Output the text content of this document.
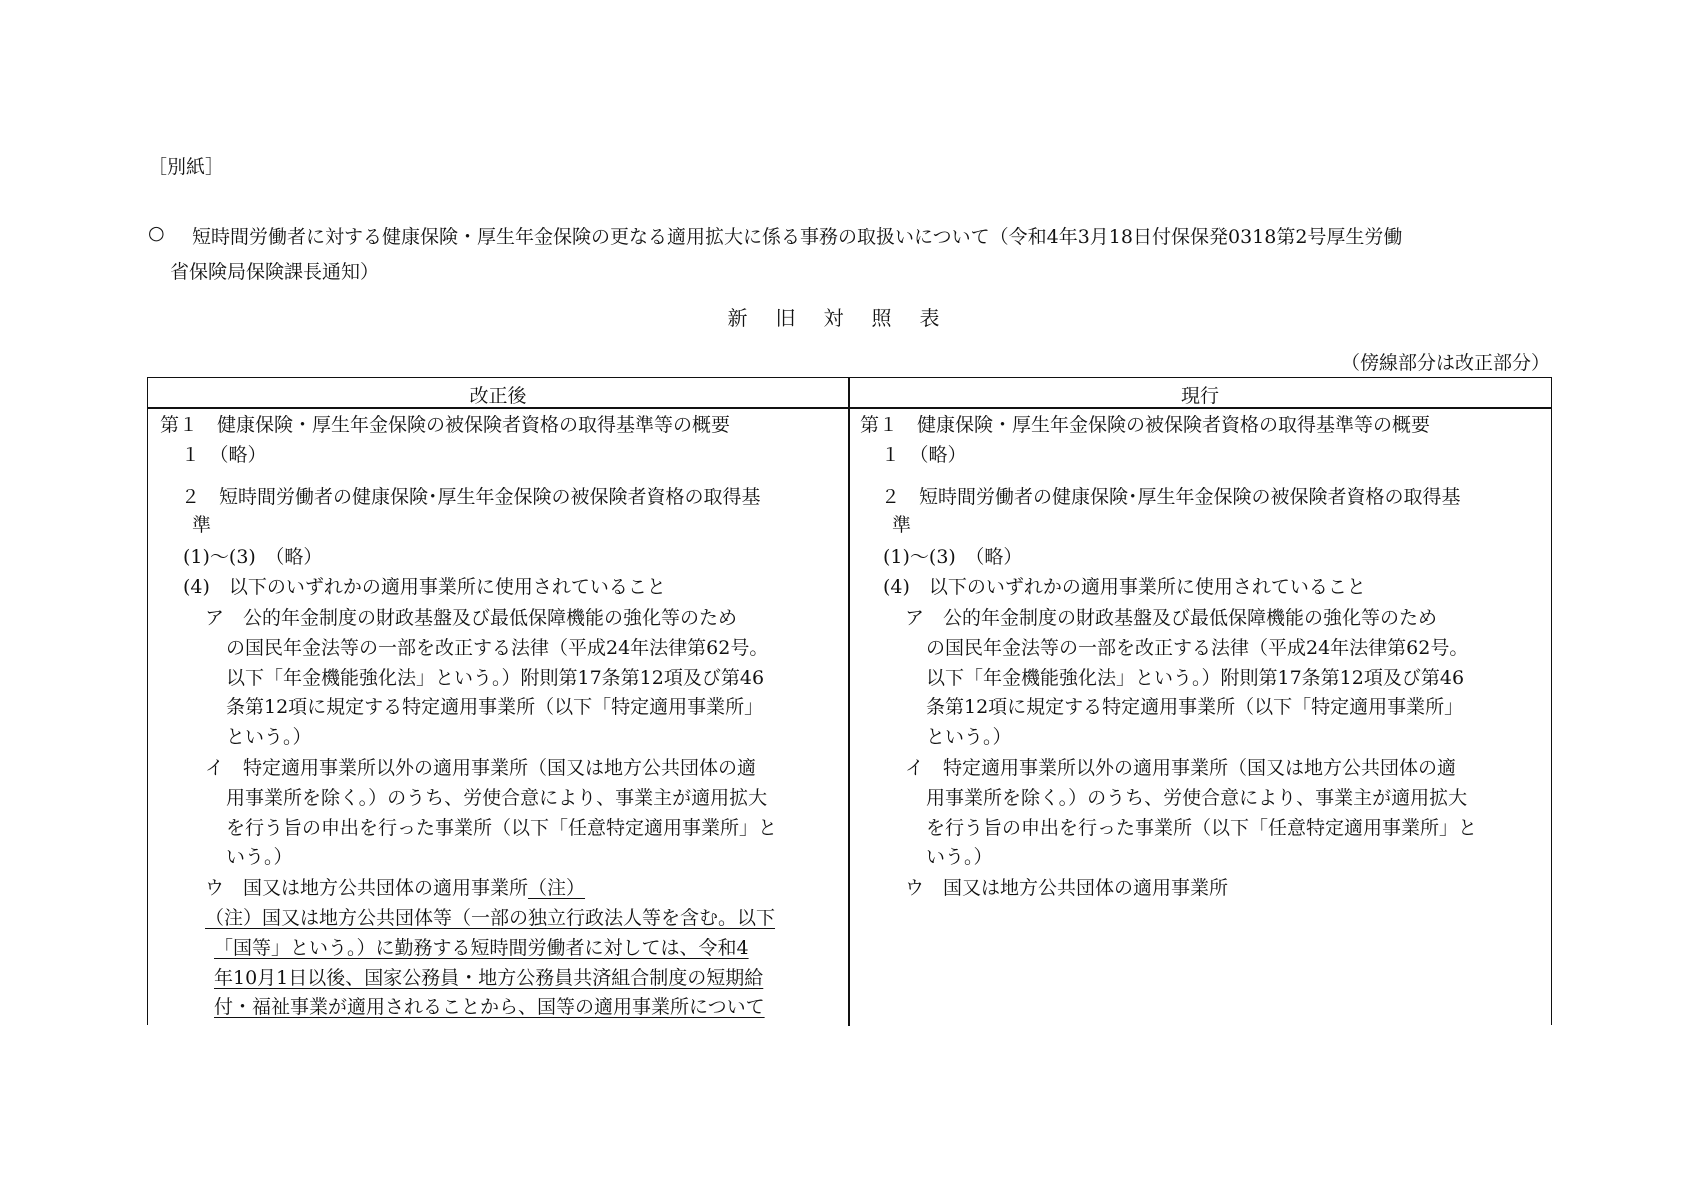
［別紙］
○ 短時間労働者に対する健康保険・厚生年金保険の更なる適用拡大に係る事務の取扱いについて（令和4年3月18日付保保発0318第2号厚生労働
省保険局保険課長通知）
新旧対照表
（傍線部分は改正部分）
改正後	現行
第１　健康保険・厚生年金保険の被保険者資格の取得基準等の概要
１　（略）
２　短時間労働者の健康保険･厚生年金保険の被保険者資格の取得基
準
(1)～(3)　（略）
(4)　以下のいずれかの適用事業所に使用されていること
ア　公的年金制度の財政基盤及び最低保障機能の強化等のため
の国民年金法等の一部を改正する法律（平成24年法律第62号。
以下「年金機能強化法」という。）附則第17条第12項及び第46
条第12項に規定する特定適用事業所（以下「特定適用事業所」
という。）
イ　特定適用事業所以外の適用事業所（国又は地方公共団体の適
用事業所を除く。）のうち、労使合意により、事業主が適用拡大
を行う旨の申出を行った事業所（以下「任意特定適用事業所」と
いう。）
ウ　国又は地方公共団体の適用事業所（注）
（注）国又は地方公共団体等（一部の独立行政法人等を含む。以下
「国等」という。）に勤務する短時間労働者に対しては、令和4
年10月1日以後、国家公務員・地方公務員共済組合制度の短期給
付・福祉事業が適用されることから、国等の適用事業所について
第１　健康保険・厚生年金保険の被保険者資格の取得基準等の概要
１　（略）
２　短時間労働者の健康保険･厚生年金保険の被保険者資格の取得基
準
(1)～(3)　（略）
(4)　以下のいずれかの適用事業所に使用されていること
ア　公的年金制度の財政基盤及び最低保障機能の強化等のため
の国民年金法等の一部を改正する法律（平成24年法律第62号。
以下「年金機能強化法」という。）附則第17条第12項及び第46
条第12項に規定する特定適用事業所（以下「特定適用事業所」
という。）
イ　特定適用事業所以外の適用事業所（国又は地方公共団体の適
用事業所を除く。）のうち、労使合意により、事業主が適用拡大
を行う旨の申出を行った事業所（以下「任意特定適用事業所」と
いう。）
ウ　国又は地方公共団体の適用事業所
